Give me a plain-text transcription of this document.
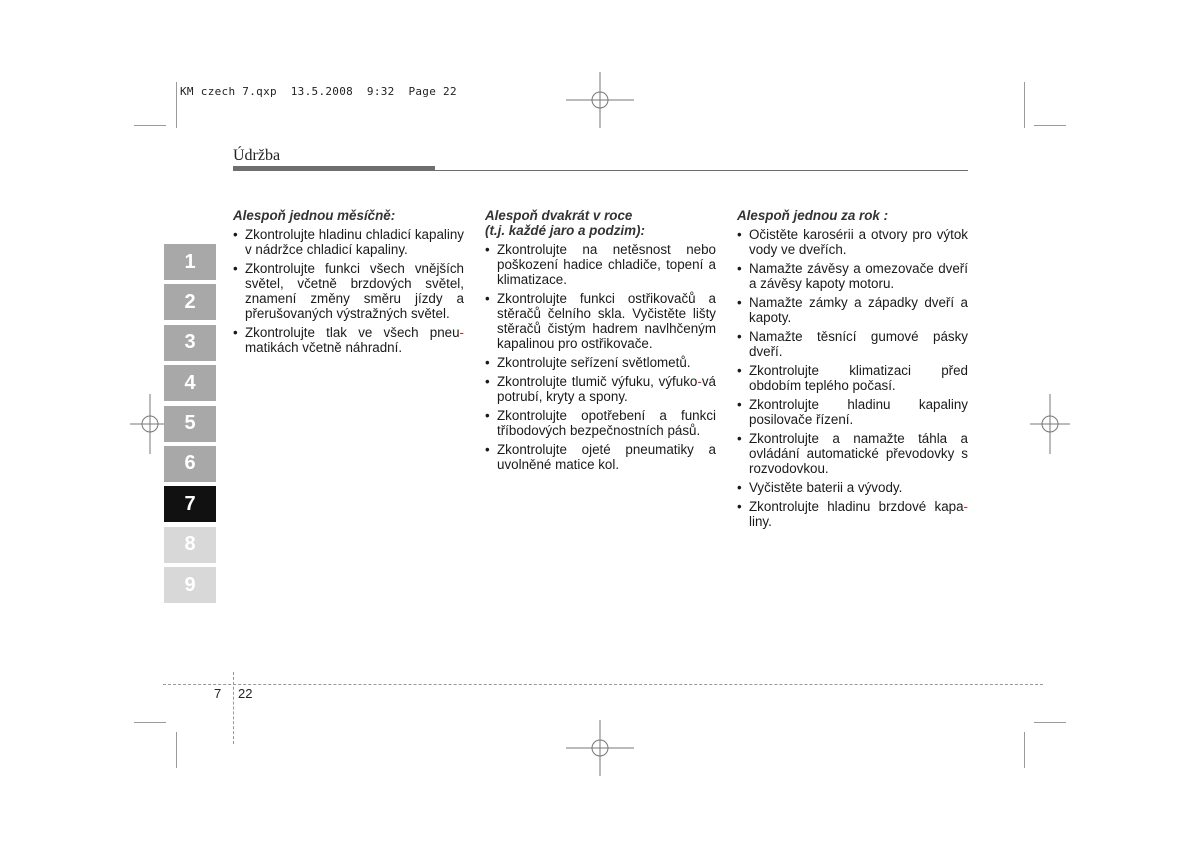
KM czech 7.qxp  13.5.2008  9:32  Page 22
Údržba
1
2
3
4
5
6
7
8
9
Alespoň jednou měsíčně:
• Zkontrolujte hladinu chladicí kapaliny v nádržce chladicí kapaliny.
• Zkontrolujte funkci všech vnějších světel, včetně brzdových světel, znamení změny směru jízdy a přerušovaných výstražných světel.
• Zkontrolujte tlak ve všech pneu-matikách včetně náhradní.
Alespoň dvakrát v roce
(t.j. každé jaro a podzim):
• Zkontrolujte na netěsnost nebo poškození hadice chladiče, topení a klimatizace.
• Zkontrolujte funkci ostřikovačů a stěračů čelního skla. Vyčistěte lišty stěračů čistým hadrem navlhčeným kapalinou pro ostřikovače.
• Zkontrolujte seřízení světlometů.
• Zkontrolujte tlumič výfuku, výfuko-vá potrubí, kryty a spony.
• Zkontrolujte opotřebení a funkci tříbodových bezpečnostních pásů.
• Zkontrolujte ojeté pneumatiky a uvolněné matice kol.
Alespoň jednou za rok :
• Očistěte karosérii a otvory pro výtok vody ve dveřích.
• Namažte závěsy a omezovače dveří a závěsy kapoty motoru.
• Namažte zámky a západky dveří a kapoty.
• Namažte těsnící gumové pásky dveří.
• Zkontrolujte klimatizaci před obdobím teplého počasí.
• Zkontrolujte hladinu kapaliny posilovače řízení.
• Zkontrolujte a namažte táhla a ovládání automatické převodovky s rozvodovkou.
• Vyčistěte baterii a vývody.
• Zkontrolujte hladinu brzdové kapa-liny.
7 22
